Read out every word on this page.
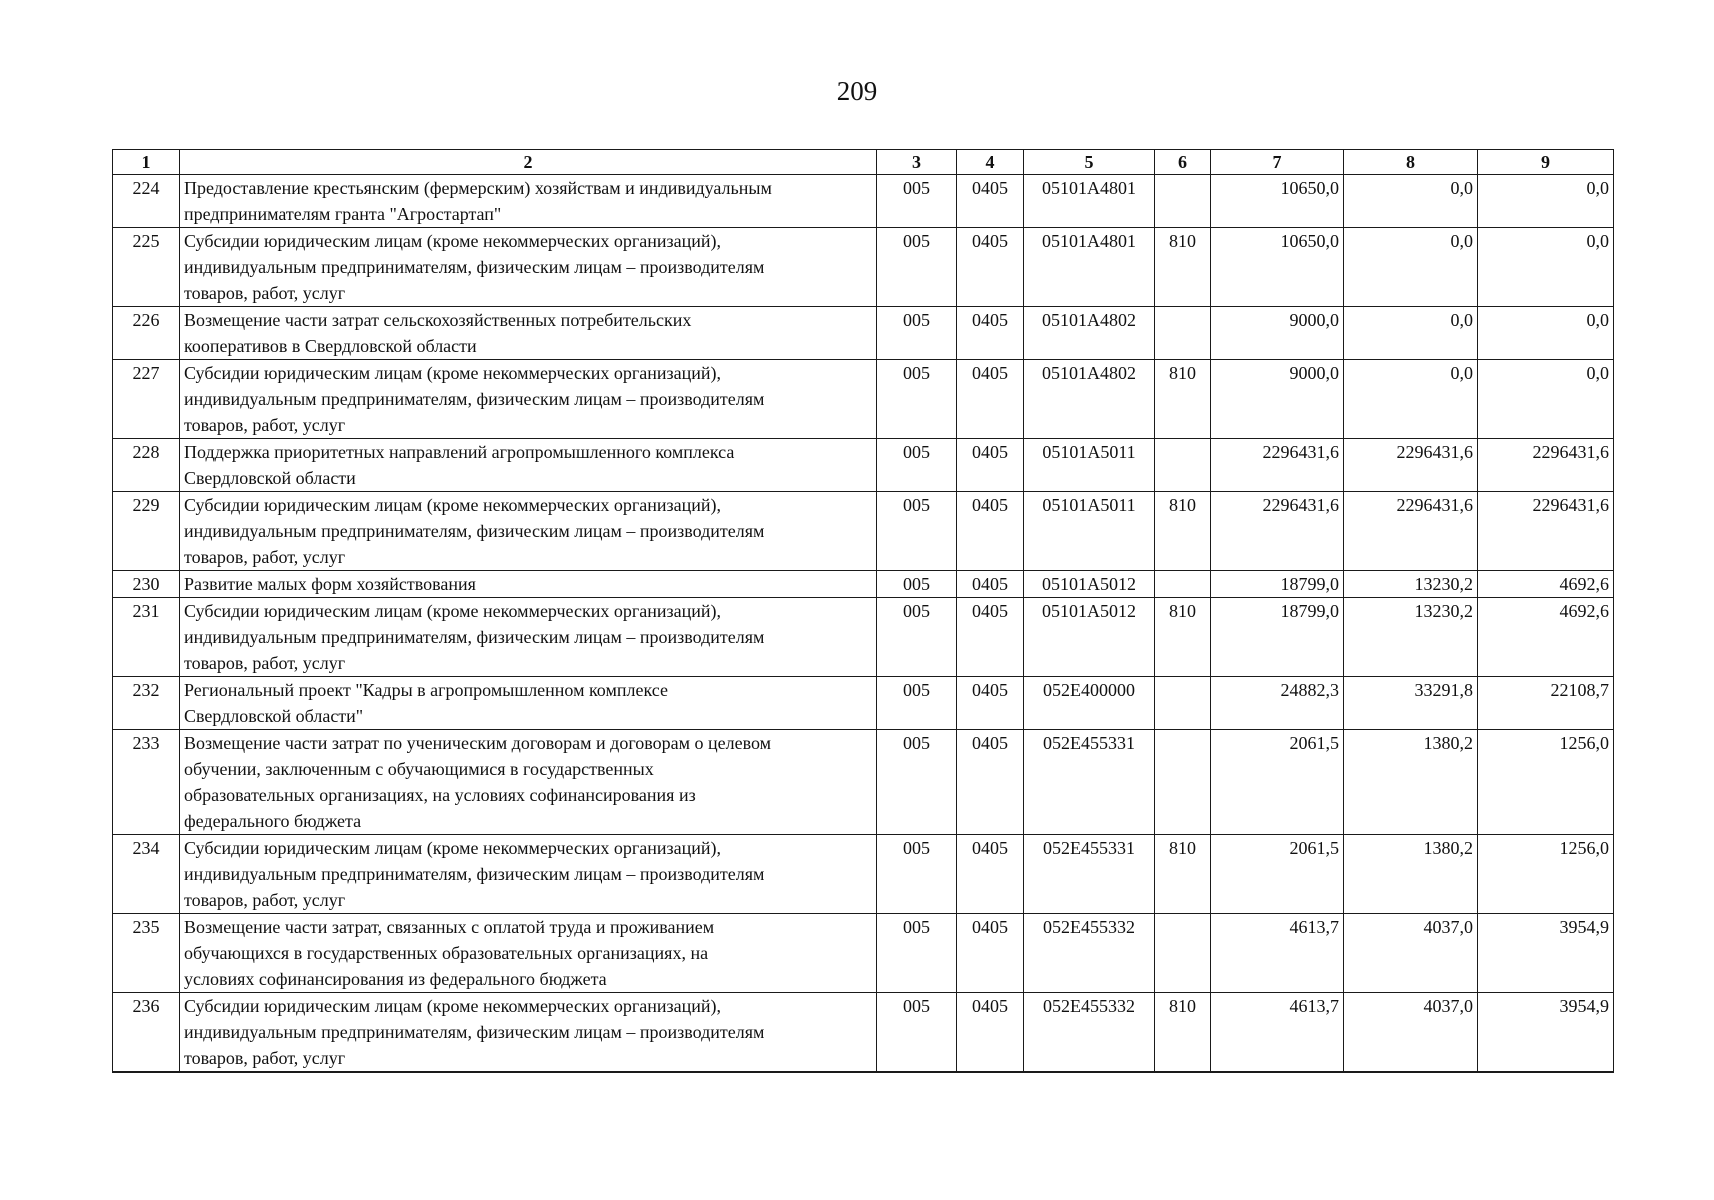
209
1	2	3	4	5	6	7	8	9
224	Предоставление крестьянским (фермерским) хозяйствам и индивидуальным
предпринимателям гранта "Агростартап"	005	0405	05101А4801		10650,0	0,0	0,0
225	Субсидии юридическим лицам (кроме некоммерческих организаций),
индивидуальным предпринимателям, физическим лицам – производителям
товаров, работ, услуг	005	0405	05101А4801	810	10650,0	0,0	0,0
226	Возмещение части затрат сельскохозяйственных потребительских
кооперативов в Свердловской области	005	0405	05101А4802		9000,0	0,0	0,0
227	Субсидии юридическим лицам (кроме некоммерческих организаций),
индивидуальным предпринимателям, физическим лицам – производителям
товаров, работ, услуг	005	0405	05101А4802	810	9000,0	0,0	0,0
228	Поддержка приоритетных направлений агропромышленного комплекса
Свердловской области	005	0405	05101А5011		2296431,6	2296431,6	2296431,6
229	Субсидии юридическим лицам (кроме некоммерческих организаций),
индивидуальным предпринимателям, физическим лицам – производителям
товаров, работ, услуг	005	0405	05101А5011	810	2296431,6	2296431,6	2296431,6
230	Развитие малых форм хозяйствования	005	0405	05101А5012		18799,0	13230,2	4692,6
231	Субсидии юридическим лицам (кроме некоммерческих организаций),
индивидуальным предпринимателям, физическим лицам – производителям
товаров, работ, услуг	005	0405	05101А5012	810	18799,0	13230,2	4692,6
232	Региональный проект "Кадры в агропромышленном комплексе
Свердловской области"	005	0405	052Е400000		24882,3	33291,8	22108,7
233	Возмещение части затрат по ученическим договорам и договорам о целевом
обучении, заключенным с обучающимися в государственных
образовательных организациях, на условиях софинансирования из
федерального бюджета	005	0405	052Е455331		2061,5	1380,2	1256,0
234	Субсидии юридическим лицам (кроме некоммерческих организаций),
индивидуальным предпринимателям, физическим лицам – производителям
товаров, работ, услуг	005	0405	052Е455331	810	2061,5	1380,2	1256,0
235	Возмещение части затрат, связанных с оплатой труда и проживанием
обучающихся в государственных образовательных организациях, на
условиях софинансирования из федерального бюджета	005	0405	052Е455332		4613,7	4037,0	3954,9
236	Субсидии юридическим лицам (кроме некоммерческих организаций),
индивидуальным предпринимателям, физическим лицам – производителям
товаров, работ, услуг	005	0405	052Е455332	810	4613,7	4037,0	3954,9
